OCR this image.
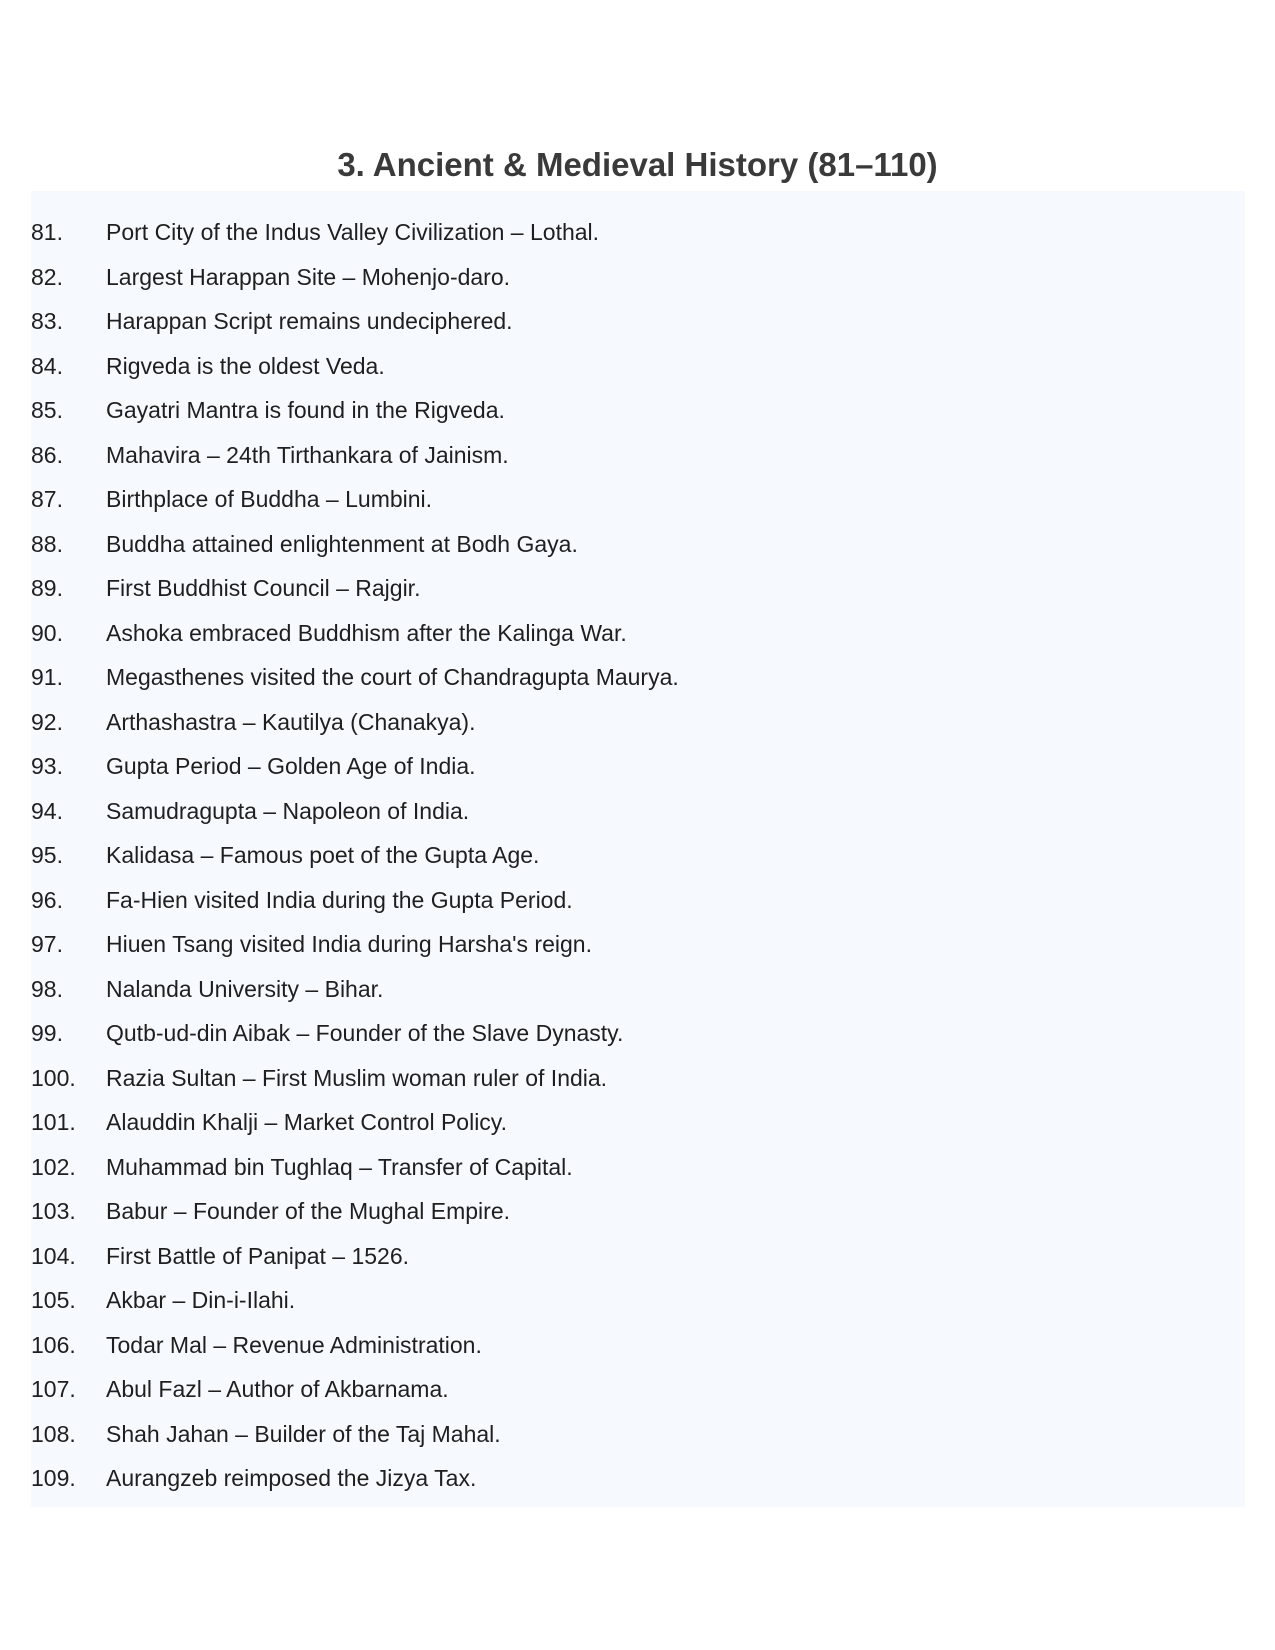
3. Ancient & Medieval History (81–110)
81.	Port City of the Indus Valley Civilization – Lothal.
82.	Largest Harappan Site – Mohenjo-daro.
83.	Harappan Script remains undeciphered.
84.	Rigveda is the oldest Veda.
85.	Gayatri Mantra is found in the Rigveda.
86.	Mahavira – 24th Tirthankara of Jainism.
87.	Birthplace of Buddha – Lumbini.
88.	Buddha attained enlightenment at Bodh Gaya.
89.	First Buddhist Council – Rajgir.
90.	Ashoka embraced Buddhism after the Kalinga War.
91.	Megasthenes visited the court of Chandragupta Maurya.
92.	Arthashastra – Kautilya (Chanakya).
93.	Gupta Period – Golden Age of India.
94.	Samudragupta – Napoleon of India.
95.	Kalidasa – Famous poet of the Gupta Age.
96.	Fa-Hien visited India during the Gupta Period.
97.	Hiuen Tsang visited India during Harsha's reign.
98.	Nalanda University – Bihar.
99.	Qutb-ud-din Aibak – Founder of the Slave Dynasty.
100.	Razia Sultan – First Muslim woman ruler of India.
101.	Alauddin Khalji – Market Control Policy.
102.	Muhammad bin Tughlaq – Transfer of Capital.
103.	Babur – Founder of the Mughal Empire.
104.	First Battle of Panipat – 1526.
105.	Akbar – Din-i-Ilahi.
106.	Todar Mal – Revenue Administration.
107.	Abul Fazl – Author of Akbarnama.
108.	Shah Jahan – Builder of the Taj Mahal.
109.	Aurangzeb reimposed the Jizya Tax.
